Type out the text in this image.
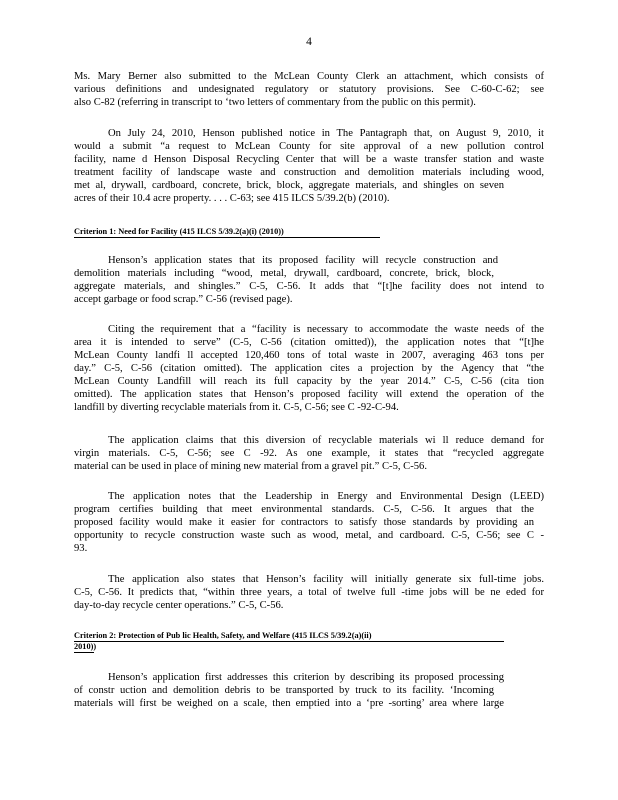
4
Ms. Mary Berner also submitted to the McLean County Clerk an attachment, which consists of
various definitions and undesignated regulatory or statutory provisions. See C-60-C-62; see
also C-82 (referring in transcript to ‘two letters of commentary from the public on this permit).
On July 24, 2010, Henson published notice in The Pantagraph that, on August 9, 2010, it
would a submit “a request to McLean County for site approval of a new pollution control
facility, name d Henson Disposal Recycling Center that will be a waste transfer station and waste
treatment facility of landscape waste and construction and demolition materials including wood,
met al, drywall, cardboard, concrete, brick, block, aggregate materials, and shingles on seven
acres of their 10.4 acre property. . . . C-63; see 415 ILCS 5/39.2(b) (2010).
Criterion 1: Need for Facility (415 ILCS 5/39.2(a)(i) (2010))
Henson’s application states that its proposed facility will recycle construction and
demolition materials including “wood, metal, drywall, cardboard, concrete, brick, block,
aggregate materials, and shingles.” C-5, C-56. It adds that “[t]he facility does not intend to
accept garbage or food scrap.” C-56 (revised page).
Citing the requirement that a “facility is necessary to accommodate the waste needs of the
area it is intended to serve” (C-5, C-56 (citation omitted)), the application notes that “[t]he
McLean County landfi ll accepted 120,460 tons of total waste in 2007, averaging 463 tons per
day.” C-5, C-56 (citation omitted). The application cites a projection by the Agency that “the
McLean County Landfill will reach its full capacity by the year 2014.” C-5, C-56 (cita tion
omitted). The application states that Henson’s proposed facility will extend the operation of the
landfill by diverting recyclable materials from it. C-5, C-56; see C -92-C-94.
The application claims that this diversion of recyclable materials wi ll reduce demand for
virgin materials. C-5, C-56; see C -92. As one example, it states that “recycled aggregate
material can be used in place of mining new material from a gravel pit.” C-5, C-56.
The application notes that the Leadership in Energy and Environmental Design (LEED)
program certifies building that meet environmental standards. C-5, C-56. It argues that the
proposed facility would make it easier for contractors to satisfy those standards by providing an
opportunity to recycle construction waste such as wood, metal, and cardboard. C-5, C-56; see C -
93.
The application also states that Henson’s facility will initially generate six full-time jobs.
C-5, C-56. It predicts that, “within three years, a total of twelve full -time jobs will be ne eded for
day-to-day recycle center operations.” C-5, C-56.
Criterion 2: Protection of Pub lic Health, Safety, and Welfare (415 ILCS 5/39.2(a)(ii)
2010))
Henson’s application first addresses this criterion by describing its proposed processing
of constr uction and demolition debris to be transported by truck to its facility. ‘Incoming
materials will first be weighed on a scale, then emptied into a ‘pre -sorting’ area where large
